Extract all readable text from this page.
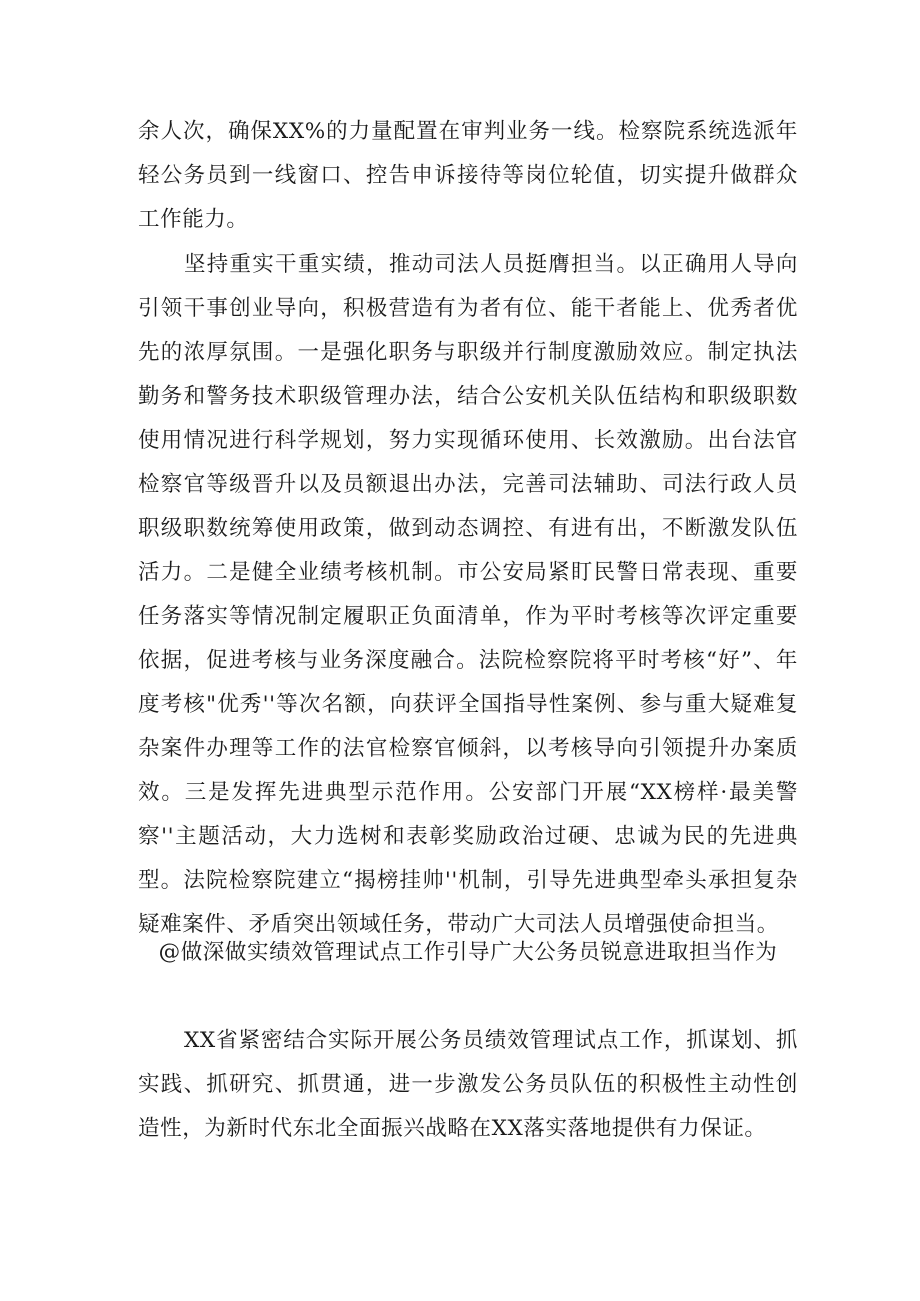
余人次，确保XX%的力量配置在审判业务一线。检察院系统选派年轻公务员到一线窗口、控告申诉接待等岗位轮值，切实提升做群众工作能力。

坚持重实干重实绩，推动司法人员挺膺担当。以正确用人导向引领干事创业导向，积极营造有为者有位、能干者能上、优秀者优先的浓厚氛围。一是强化职务与职级并行制度激励效应。制定执法勤务和警务技术职级管理办法，结合公安机关队伍结构和职级职数使用情况进行科学规划，努力实现循环使用、长效激励。出台法官检察官等级晋升以及员额退出办法，完善司法辅助、司法行政人员职级职数统筹使用政策，做到动态调控、有进有出，不断激发队伍活力。二是健全业绩考核机制。市公安局紧盯民警日常表现、重要任务落实等情况制定履职正负面清单，作为平时考核等次评定重要依据，促进考核与业务深度融合。法院检察院将平时考核“好”、年度考核"优秀''等次名额，向获评全国指导性案例、参与重大疑难复杂案件办理等工作的法官检察官倾斜，以考核导向引领提升办案质效。三是发挥先进典型示范作用。公安部门开展“XX榜样·最美警察''主题活动，大力选树和表彰奖励政治过硬、忠诚为民的先进典型。法院检察院建立“揭榜挂帅''机制，引导先进典型牵头承担复杂疑难案件、矛盾突出领域任务，带动广大司法人员增强使命担当。

@做深做实绩效管理试点工作引导广大公务员锐意进取担当作为

XX省紧密结合实际开展公务员绩效管理试点工作，抓谋划、抓实践、抓研究、抓贯通，进一步激发公务员队伍的积极性主动性创造性，为新时代东北全面振兴战略在XX落实落地提供有力保证。
